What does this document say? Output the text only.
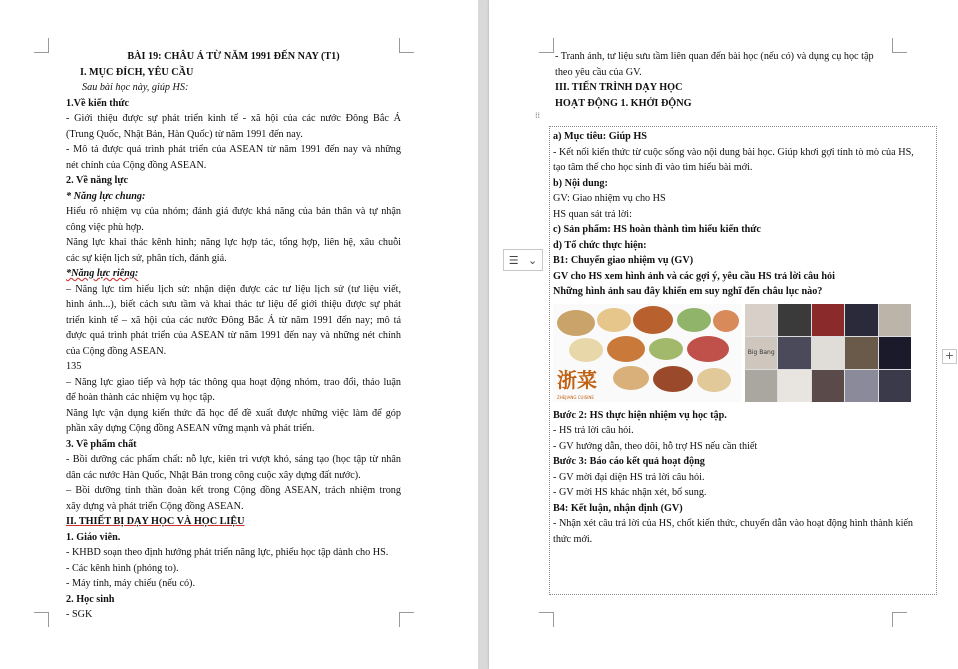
BÀI 19: CHÂU Á TỪ NĂM 1991 ĐẾN NAY (T1)
I. MỤC ĐÍCH, YÊU CẦU
Sau bài học này, giúp HS:
1.Về kiến thức
- Giới thiệu được sự phát triển kinh tế - xã hội của các nước Đông Bắc Á
(Trung Quốc, Nhật Bản, Hàn Quốc) từ năm 1991 đến nay.
- Mô tả được quá trình phát triển của ASEAN từ năm 1991 đến nay và những
nét chính của Cộng đồng ASEAN.
2. Về năng lực
* Năng lực chung:
Hiểu rõ nhiệm vụ của nhóm; đánh giá được khả năng của bản thân và tự nhận
công việc phù hợp.
Năng lực khai thác kênh hình; năng lực hợp tác, tổng hợp, liên hệ, xâu chuỗi
các sự kiện lịch sử, phân tích, đánh giá.
*Năng lực riêng:
– Năng lực tìm hiểu lịch sử: nhận diện được các tư liệu lịch sử (tư liệu viết,
hình ảnh...), biết cách sưu tầm và khai thác tư liệu để giới thiệu được sự phát
triển kinh tế – xã hội của các nước Đông Bắc Á từ năm 1991 đến nay; mô tả
được quá trình phát triển của ASEAN từ năm 1991 đến nay và những nét chính
của Cộng đồng ASEAN.
135
– Năng lực giao tiếp và hợp tác thông qua hoạt động nhóm, trao đổi, thảo luận
để hoàn thành các nhiệm vụ học tập.
Năng lực vận dụng kiến thức đã học để đề xuất được những việc làm để góp
phần xây dựng Cộng đồng ASEAN vững mạnh và phát triển.
3. Về phẩm chất
- Bồi dưỡng các phẩm chất: nỗ lực, kiên trì vượt khó, sáng tạo (học tập từ nhân
dân các nước Hàn Quốc, Nhật Bản trong công cuộc xây dựng đất nước).
– Bồi dưỡng tinh thần đoàn kết trong Cộng đồng ASEAN, trách nhiệm trong
xây dựng và phát triển Cộng đồng ASEAN.
II. THIẾT BỊ DẠY HỌC VÀ HỌC LIỆU
1. Giáo viên.
- KHBD soạn theo định hướng phát triển năng lực, phiếu học tập dành cho HS.
- Các kênh hình (phóng to).
- Máy tính, máy chiếu (nếu có).
2. Học sinh
- SGK
- Tranh ảnh, tư liệu sưu tầm liên quan đến bài học (nếu có) và dụng cụ học tập
theo yêu cầu của GV.
III. TIẾN TRÌNH DẠY HỌC
HOẠT ĐỘNG 1. KHỞI ĐỘNG
⁞⁞
a) Mục tiêu: Giúp HS
- Kết nối kiến thức từ cuộc sống vào nội dung bài học. Giúp khơi gợi tính tò mò của HS,
tạo tâm thế cho học sinh đi vào tìm hiểu bài mới.
b) Nội dung:
GV: Giao nhiệm vụ cho HS
HS quan sát trả lời:
c) Sản phẩm: HS hoàn thành tìm hiểu kiến thức
d) Tổ chức thực hiện:
B1: Chuyển giao nhiệm vụ (GV)
GV cho HS xem hình ảnh và các gợi ý, yêu cầu HS trả lời câu hỏi
Những hình ảnh sau đây khiến em suy nghĩ đến châu lục nào?
浙菜
ZHEJIANG CUISINE
Big Bang
Bước 2: HS thực hiện nhiệm vụ học tập.
- HS trả lời câu hỏi.
- GV hướng dẫn, theo dõi, hỗ trợ HS nếu cần thiết
Bước 3: Báo cáo kết quả hoạt động
- GV mời đại diện HS trả lời câu hỏi.
- GV mời HS khác nhận xét, bổ sung.
B4: Kết luận, nhận định (GV)
- Nhận xét câu trả lời của HS, chốt kiến thức, chuyển dẫn vào hoạt động hình thành kiến
thức mới.
☰ ⌄
+
